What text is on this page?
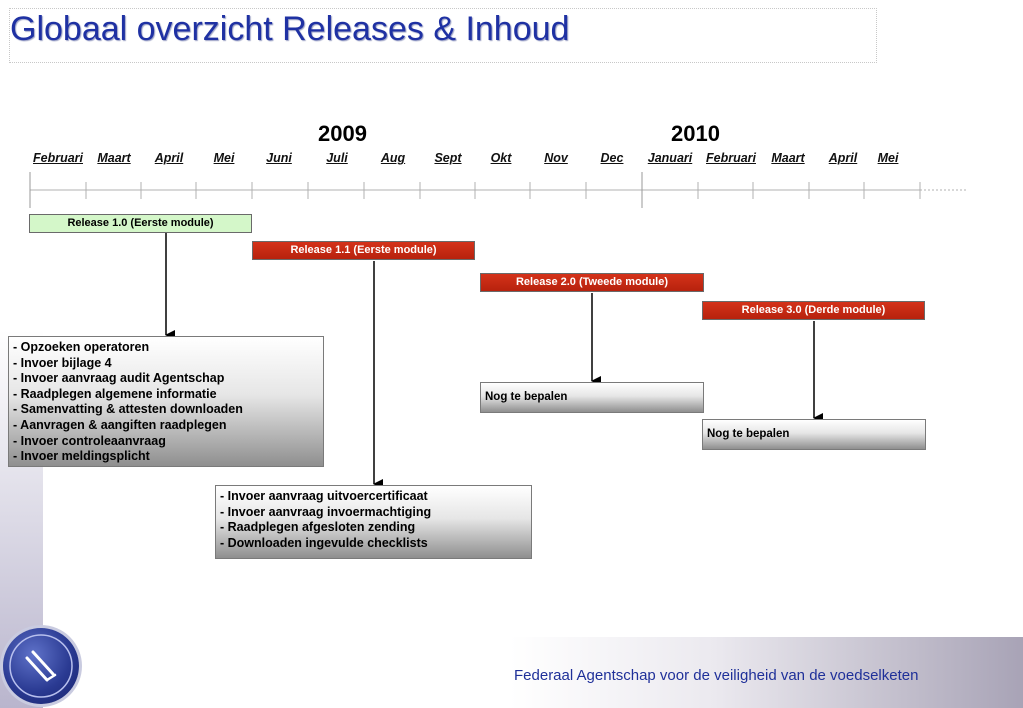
Globaal overzicht Releases & Inhoud
2009	2010
Februari Maart April Mei	Juni	Juli	Aug Sept Okt	Nov	Dec Januari Februari Maart April Mei
Release 1.0 (Eerste module)
Release 1.1 (Eerste module)
Release 2.0 (Tweede module)
Release 3.0 (Derde module)
- Opzoeken operatoren
- Invoer bijlage 4
- Invoer aanvraag audit Agentschap
- Raadplegen algemene informatie
- Samenvatting & attesten downloaden
- Aanvragen & aangiften raadplegen
- Invoer controleaanvraag
- Invoer meldingsplicht
- Invoer aanvraag uitvoercertificaat
- Invoer aanvraag invoermachtiging
- Raadplegen afgesloten zending
- Downloaden ingevulde checklists
Nog te bepalen
Nog te bepalen
Federaal Agentschap voor de veiligheid van de voedselketen
